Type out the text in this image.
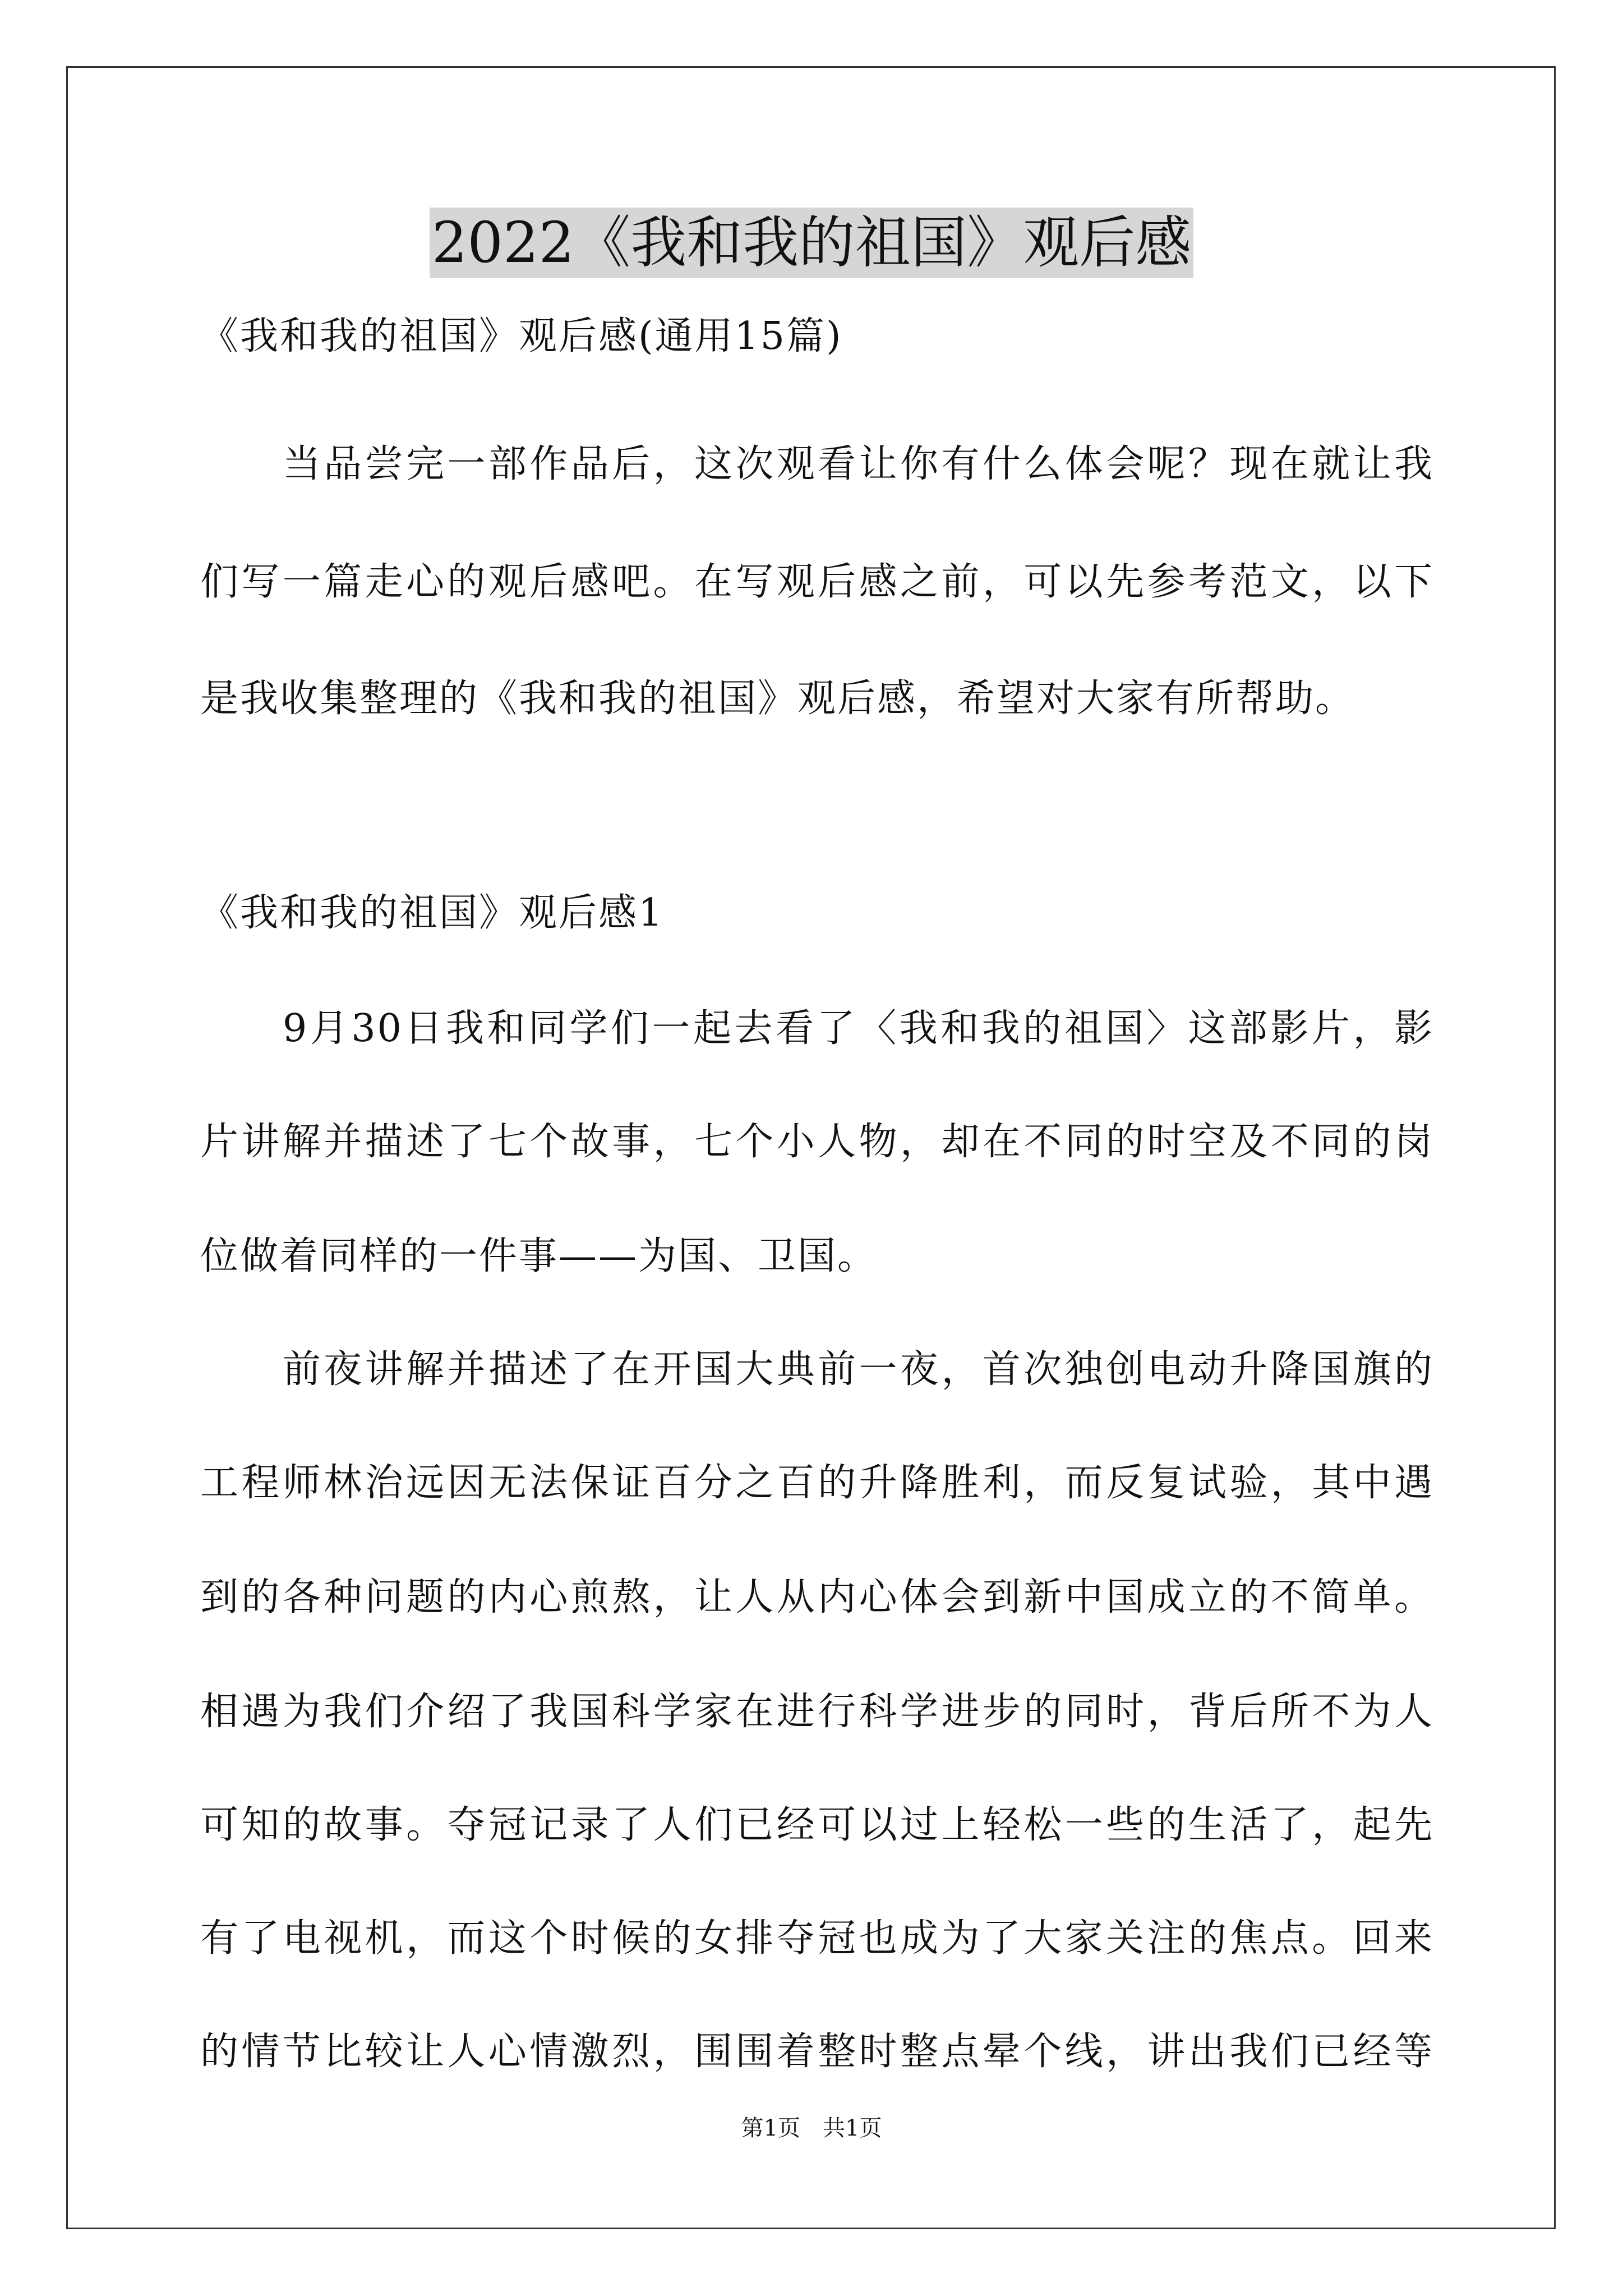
2022《我和我的祖国》观后感
《我和我的祖国》观后感(通用15篇)
　　当品尝完一部作品后，这次观看让你有什么体会呢？现在就让我
们写一篇走心的观后感吧。在写观后感之前，可以先参考范文，以下
是我收集整理的《我和我的祖国》观后感，希望对大家有所帮助。
《我和我的祖国》观后感1
　　9月30日我和同学们一起去看了〈我和我的祖国〉这部影片，影
片讲解并描述了七个故事，七个小人物，却在不同的时空及不同的岗
位做着同样的一件事——为国、卫国。
　　前夜讲解并描述了在开国大典前一夜，首次独创电动升降国旗的
工程师林治远因无法保证百分之百的升降胜利，而反复试验，其中遇
到的各种问题的内心煎熬，让人从内心体会到新中国成立的不简单。
相遇为我们介绍了我国科学家在进行科学进步的同时，背后所不为人
可知的故事。夺冠记录了人们已经可以过上轻松一些的生活了，起先
有了电视机，而这个时候的女排夺冠也成为了大家关注的焦点。回来
的情节比较让人心情激烈，围围着整时整点晕个线，讲出我们已经等
第1页　共1页
